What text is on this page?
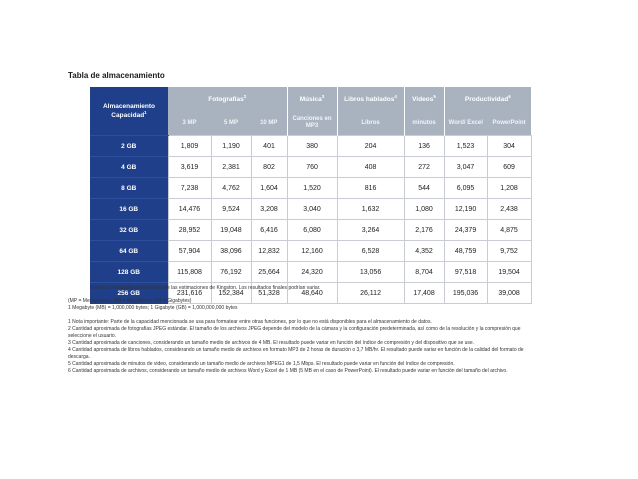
Tabla de almacenamiento
Almacenamiento
Capacidad$^1$	Fotografías$^2$			Música$^3$	Libros hablados$^4$	Videos$^5$	Productividad$^6$
	3 MP	5 MP	10 MP	Canciones en MP3	Libros	minutos	Word/ Excel	PowerPoint
2 GB	1,809	1,190	401	380	204	136	1,523	304
4 GB	3,619	2,381	802	760	408	272	3,047	609
8 GB	7,238	4,762	1,604	1,520	816	544	6,095	1,208
16 GB	14,476	9,524	3,208	3,040	1,632	1,080	12,190	2,438
32 GB	28,952	19,048	6,416	6,080	3,264	2,176	24,379	4,875
64 GB	57,904	38,096	12,832	12,160	6,528	4,352	48,759	9,752
128 GB	115,808	76,192	25,664	24,320	13,056	8,704	97,518	19,504
256 GB	231,616	152,384	51,328	48,640	26,112	17,408	195,036	39,008
Fuentes: resultados procedentes de las estimaciones de Kingston. Los resultados finales podrían variar.

(MP = Megapíxeles, MB = Megabytes, GB = Gigabytes)

1 Megabyte (MB) = 1,000,000 bytes; 1 Gigabyte (GB) = 1,000,000,000 bytes

1 Nota importante: Parte de la capacidad mencionada se usa para formatear entre otras funciones, por lo que no está disponibles para el almacenamiento de datos.

2 Cantidad aproximada de fotografías JPEG estándar. El tamaño de los archivos JPEG depende del modelo de la cámara y la configuración predeterminada, así como de la resolución y la compresión que seleccione el usuario.

3 Cantidad aproximada de canciones, considerando un tamaño medio de archivos de 4 MB. El resultado puede variar en función del índice de compresión y del dispositivo que se use.

4 Cantidad aproximada de libros hablados, considerando un tamaño medio de archivos en formato MP3 de 2 horas de duración o 3,7 MB/hr. El resultado puede variar en función de la calidad del formato de descarga.

5 Cantidad aproximada de minutos de video, considerando un tamaño medio de archivos MPEG1 de 1,5 Mbps. El resultado puede variar en función del índice de compresión.

6 Cantidad aproximada de archivos, considerando un tamaño medio de archivos Word y Excel de 1 MB (5 MB en el caso de PowerPoint). El resultado puede variar en función del tamaño del archivo.
